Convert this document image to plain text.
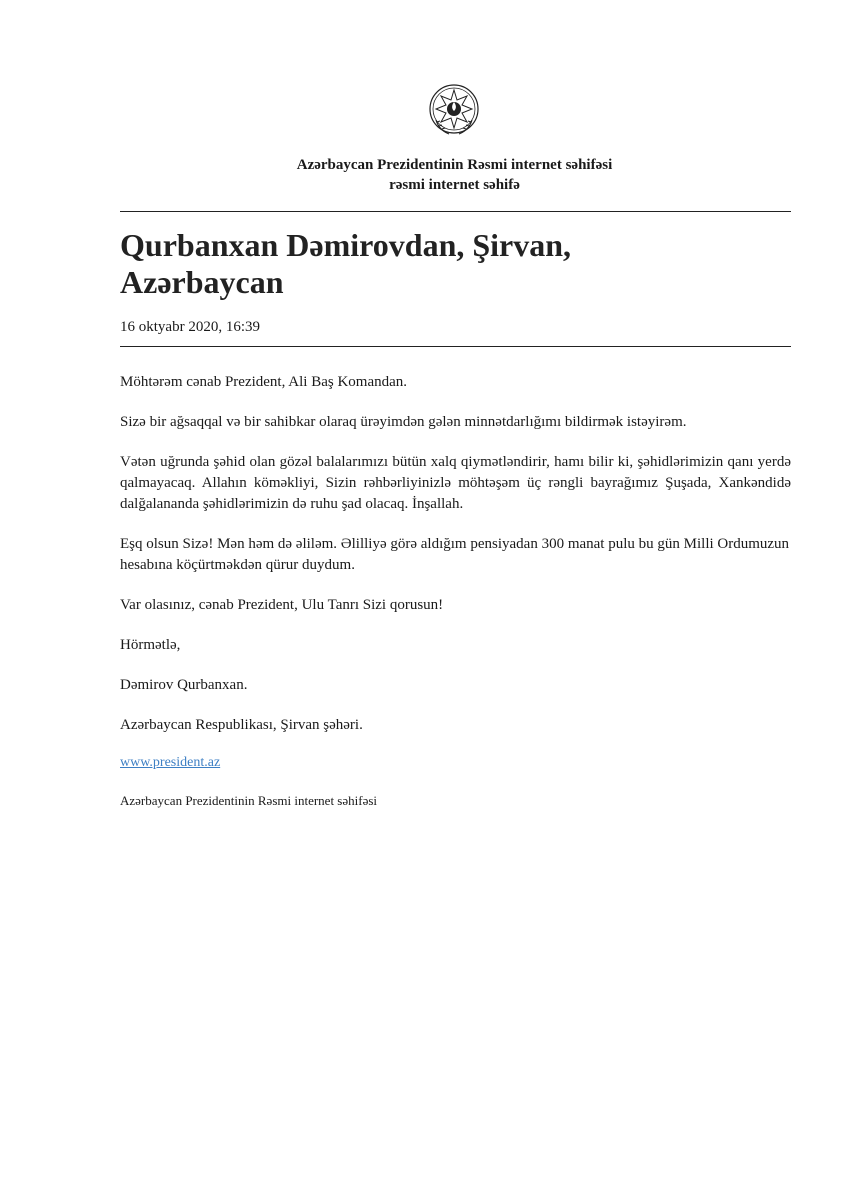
Azərbaycan Prezidentinin Rəsmi internet səhifəsi
rəsmi internet səhifə
Qurbanxan Dəmirovdan, Şirvan, Azərbaycan
16 oktyabr 2020, 16:39

Möhtərəm cənab Prezident, Ali Baş Komandan.

Sizə bir ağsaqqal və bir sahibkar olaraq ürəyimdən gələn minnətdarlığımı bildirmək istəyirəm.

Vətən uğrunda şəhid olan gözəl balalarımızı bütün xalq qiymətləndirir, hamı bilir ki, şəhidlərimizin qanı yerdə qalmayacaq. Allahın köməkliyi, Sizin rəhbərliyinizlə möhtəşəm üç rəngli bayrağımız Şuşada, Xankəndidə dalğalananda şəhidlərimizin də ruhu şad olacaq. İnşallah.

Eşq olsun Sizə! Mən həm də əliləm. Əlilliyə görə aldığım pensiyadan 300 manat pulu bu gün Milli Ordumuzun hesabına köçürtməkdən qürur duydum.

Var olasınız, cənab Prezident, Ulu Tanrı Sizi qorusun!

Hörmətlə,

Dəmirov Qurbanxan.

Azərbaycan Respublikası, Şirvan şəhəri.

www.president.az
Azərbaycan Prezidentinin Rəsmi internet səhifəsi
